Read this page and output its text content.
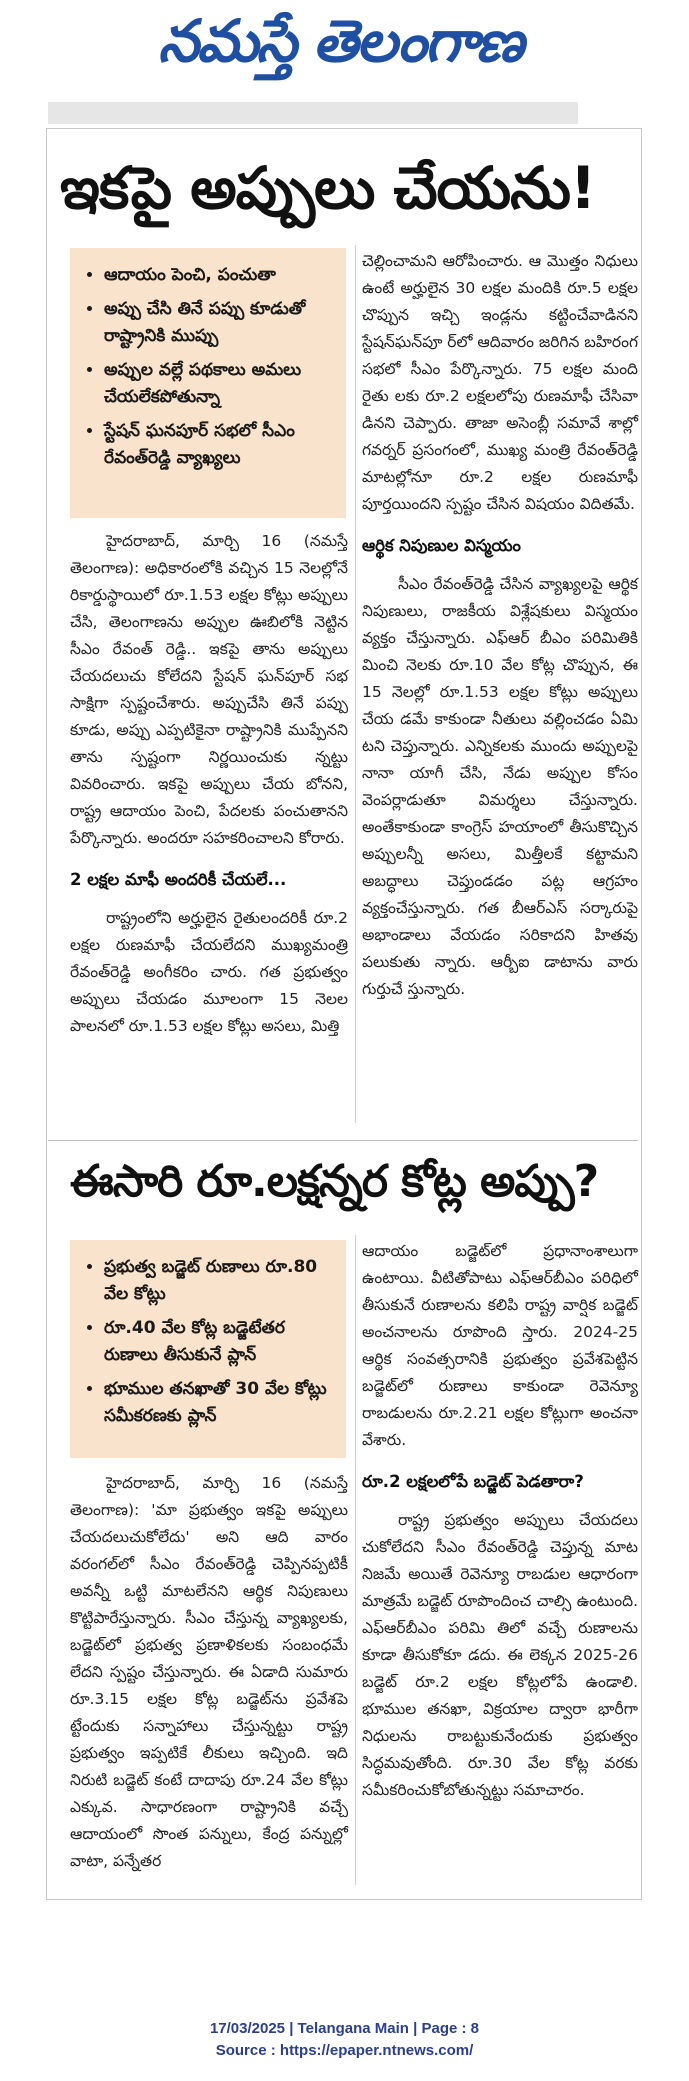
నమస్తే తెలంగాణ
ఇకపై అప్పులు చేయను!
• ఆదాయం పెంచి, పంచుతా
• అప్పు చేసి తినే పప్పు కూడుతో రాష్ట్రానికి ముప్పు
• అప్పుల వల్లే పథకాలు అమలు చేయలేకపోతున్నా
• స్టేషన్ ఘనపూర్ సభలో సీఎం రేవంత్‌రెడ్డి వ్యాఖ్యలు

హైదరాబాద్, మార్చి 16 (నమస్తే తెలంగాణ): అధికారంలోకి వచ్చిన 15 నెలల్లోనే రికార్డుస్థాయిలో రూ.1.53 లక్షల కోట్లు అప్పులు చేసి, తెలంగాణను అప్పుల ఊబిలోకి నెట్టిన సీఎం రేవంత్ రెడ్డి.. ఇకపై తాను అప్పులు చేయదలుచు కోలేదని స్టేషన్ ఘన్‌పూర్ సభ సాక్షిగా స్పష్టంచేశారు. అప్పుచేసి తినే పప్పు కూడు, అప్పు ఎప్పటికైనా రాష్ట్రానికి ముప్పేనని తాను స్పష్టంగా నిర్ణయించుకు న్నట్టు వివరించారు. ఇకపై అప్పులు చేయ బోనని, రాష్ట్ర ఆదాయం పెంచి, పేదలకు పంచుతానని పేర్కొన్నారు. అందరూ సహకరించాలని కోరారు.

2 లక్షల మాఫీ అందరికీ చేయలే...

రాష్ట్రంలోని అర్హులైన రైతులందరికీ రూ.2 లక్షల రుణమాఫీ చేయలేదని ముఖ్యమంత్రి రేవంత్‌రెడ్డి అంగీకరిం చారు. గత ప్రభుత్వం అప్పులు చేయడం మూలంగా 15 నెలల పాలనలో రూ.1.53 లక్షల కోట్లు అసలు, మిత్తి

చెల్లించామని ఆరోపించారు. ఆ మొత్తం నిధులు ఉంటే అర్హులైన 30 లక్షల మందికి రూ.5 లక్షల చొప్పున ఇచ్చి ఇండ్లను కట్టించేవాడినని స్టేషన్‌ఘన్‌పూ ర్‌లో ఆదివారం జరిగిన బహిరంగ సభలో సీఎం పేర్కొన్నారు. 75 లక్షల మంది రైతు లకు రూ.2 లక్షలలోపు రుణమాఫీ చేసివా డినని చెప్పారు. తాజా అసెంబ్లీ సమావే శాల్లో గవర్నర్ ప్రసంగంలో, ముఖ్య మంత్రి రేవంత్‌రెడ్డి మాటల్లోనూ రూ.2 లక్షల రుణమాఫీ పూర్తయిందని స్పష్టం చేసిన విషయం విదితమే.

ఆర్థిక నిపుణుల విస్మయం

సీఎం రేవంత్‌రెడ్డి చేసిన వ్యాఖ్యలపై ఆర్థిక నిపుణులు, రాజకీయ విశ్లేషకులు విస్మయం వ్యక్తం చేస్తున్నారు. ఎఫ్‌ఆర్ బీఎం పరిమితికి మించి నెలకు రూ.10 వేల కోట్ల చొప్పున, ఈ 15 నెలల్లో రూ.1.53 లక్షల కోట్లు అప్పులు చేయ డమే కాకుండా నీతులు వల్లించడం ఏమి టని చెప్తున్నారు. ఎన్నికలకు ముందు అప్పులపై నానా యాగీ చేసి, నేడు అప్పుల కోసం వెంపర్లాడుతూ విమర్శలు చేస్తున్నారు. అంతేకాకుండా కాంగ్రెస్ హయాంలో తీసుకొచ్చిన అప్పులన్నీ అసలు, మిత్తీలకే కట్టామని అబద్ధాలు చెప్తుండడం పట్ల ఆగ్రహం వ్యక్తంచేస్తున్నారు. గత బీఆర్‌ఎస్ సర్కారుపై అభాండాలు వేయడం సరికాదని హితవు పలుకుతు న్నారు. ఆర్బీఐ డాటాను వారు గుర్తుచే స్తున్నారు.

ఈసారి రూ.లక్షన్నర కోట్ల అప్పు?
• ప్రభుత్వ బడ్జెట్ రుణాలు రూ.80 వేల కోట్లు
• రూ.40 వేల కోట్ల బడ్జెటేతర రుణాలు తీసుకునే ప్లాన్
• భూముల తనఖాతో 30 వేల కోట్లు సమీకరణకు ప్లాన్

హైదరాబాద్, మార్చి 16 (నమస్తే తెలంగాణ): 'మా ప్రభుత్వం ఇకపై అప్పులు చేయదలుచుకోలేదు' అని ఆది వారం వరంగల్‌లో సీఎం రేవంత్‌రెడ్డి చెప్పినప్పటికీ అవన్నీ ఒట్టి మాటలేనని ఆర్థిక నిపుణులు కొట్టిపారేస్తున్నారు. సీఎం చేస్తున్న వ్యాఖ్యలకు, బడ్జెట్‌లో ప్రభుత్వ ప్రణాళికలకు సంబంధమే లేదని స్పష్టం చేస్తున్నారు. ఈ ఏడాది సుమారు రూ.3.15 లక్షల కోట్ల బడ్జెట్‌ను ప్రవేశపె ట్టేందుకు సన్నాహాలు చేస్తున్నట్టు రాష్ట్ర ప్రభుత్వం ఇప్పటికే లీకులు ఇచ్చింది. ఇది నిరుటి బడ్జెట్ కంటే దాదాపు రూ.24 వేల కోట్లు ఎక్కువ. సాధారణంగా రాష్ట్రానికి వచ్చే ఆదాయంలో సొంత పన్నులు, కేంద్ర పన్నుల్లో వాటా, పన్నేతర

ఆదాయం బడ్జెట్‌లో ప్రధానాంశాలుగా ఉంటాయి. వీటితోపాటు ఎఫ్‌ఆర్‌బీఎం పరిధిలో తీసుకునే రుణాలను కలిపి రాష్ట్ర వార్షిక బడ్జెట్ అంచనాలను రూపొంది స్తారు. 2024-25 ఆర్థిక సంవత్సరానికి ప్రభుత్వం ప్రవేశపెట్టిన బడ్జెట్‌లో రుణాలు కాకుండా రెవెన్యూ రాబడులను రూ.2.21 లక్షల కోట్లుగా అంచనా వేశారు.

రూ.2 లక్షలలోపే బడ్జెట్ పెడతారా?

రాష్ట్ర ప్రభుత్వం అప్పులు చేయదలు చుకోలేదని సీఎం రేవంత్‌రెడ్డి చెప్తున్న మాట నిజమే అయితే రెవెన్యూ రాబడుల ఆధారంగా మాత్రమే బడ్జెట్ రూపొందించ చాల్సి ఉంటుంది. ఎఫ్‌ఆర్‌బీఎం పరిమి తిలో వచ్చే రుణాలను కూడా తీసుకోకూ డదు. ఈ లెక్కన 2025-26 బడ్జెట్ రూ.2 లక్షల కోట్లలోపే ఉండాలి. భూముల తనఖా, విక్రయాల ద్వారా భారీగా నిధులను రాబట్టుకునేందుకు ప్రభుత్వం సిద్ధమవుతోంది. రూ.30 వేల కోట్ల వరకు సమీకరించుకోబోతున్నట్టు సమాచారం.

17/03/2025 | Telangana Main | Page : 8
Source : https://epaper.ntnews.com/
